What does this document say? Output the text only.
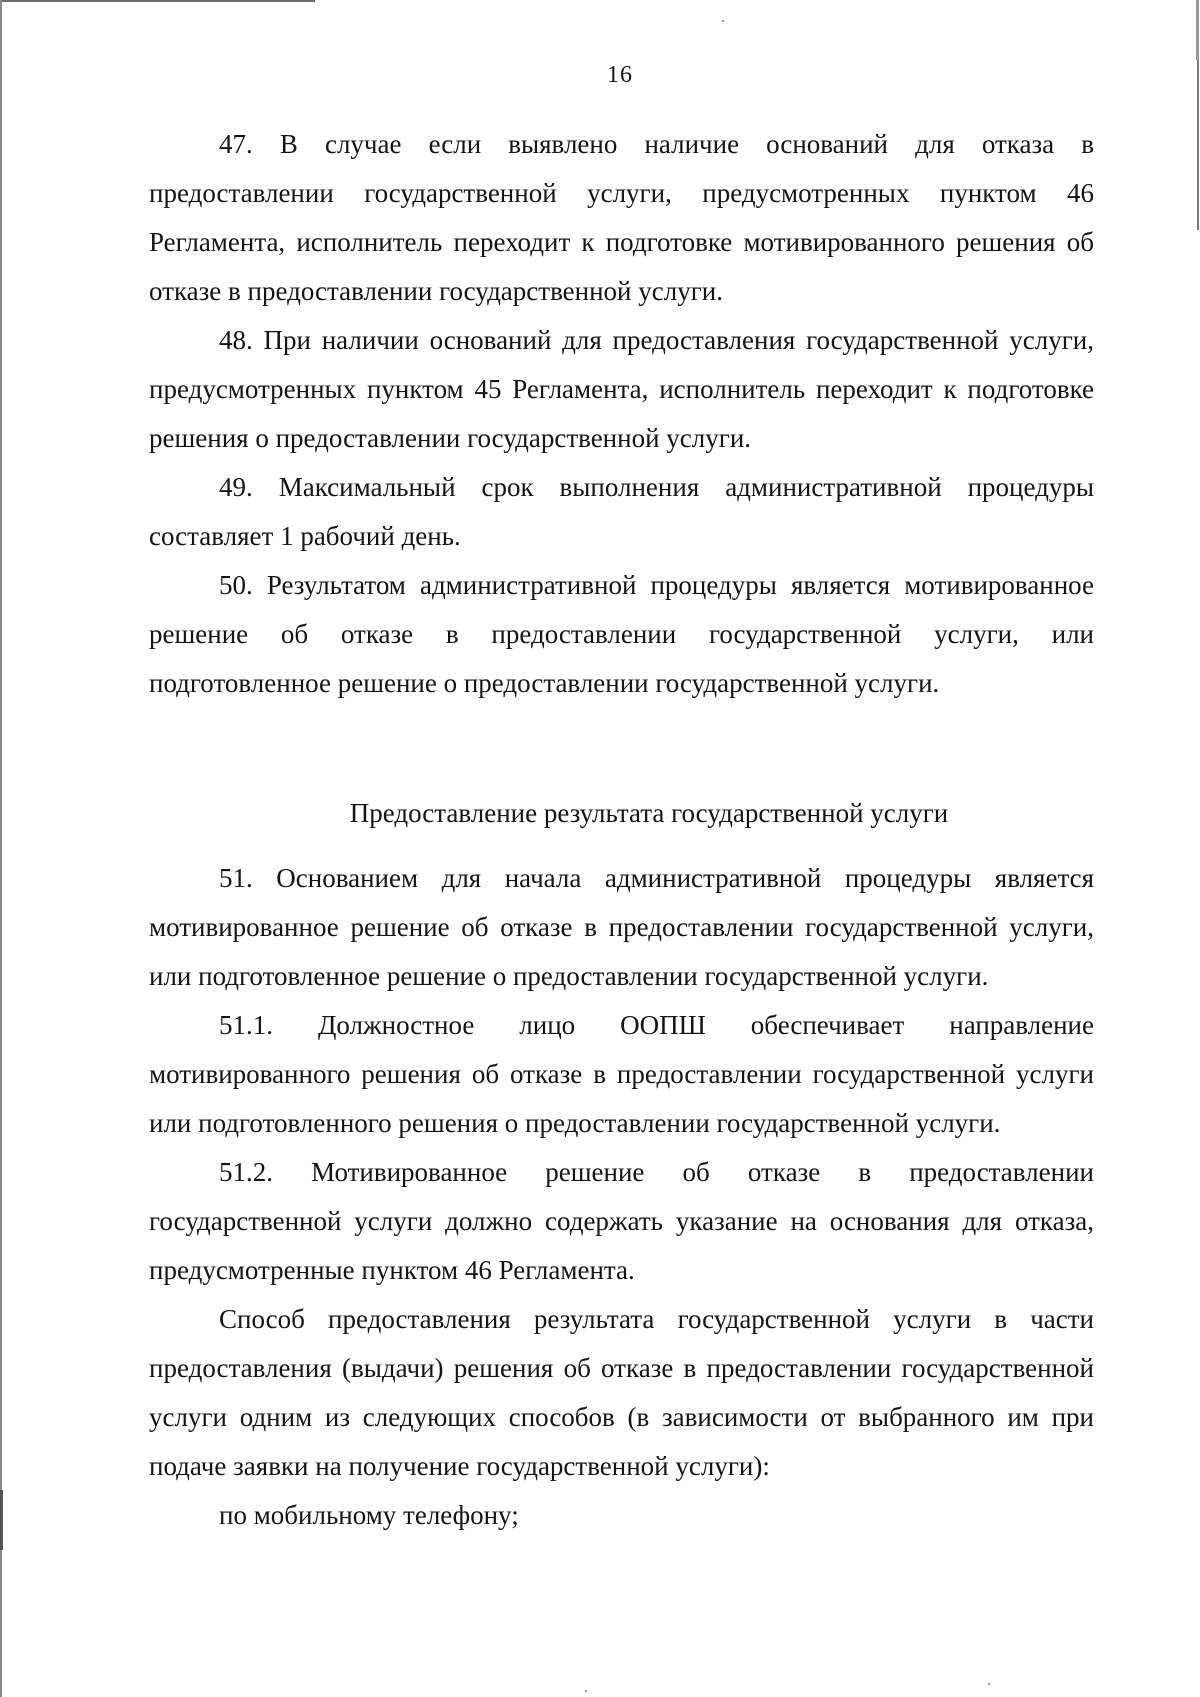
16

47. В случае если выявлено наличие оснований для отказа в предоставлении государственной услуги, предусмотренных пунктом 46 Регламента, исполнитель переходит к подготовке мотивированного решения об отказе в предоставлении государственной услуги.

48. При наличии оснований для предоставления государственной услуги, предусмотренных пунктом 45 Регламента, исполнитель переходит к подготовке решения о предоставлении государственной услуги.

49. Максимальный срок выполнения административной процедуры составляет 1 рабочий день.

50. Результатом административной процедуры является мотивированное решение об отказе в предоставлении государственной услуги, или подготовленное решение о предоставлении государственной услуги.

Предоставление результата государственной услуги

51. Основанием для начала административной процедуры является мотивированное решение об отказе в предоставлении государственной услуги, или подготовленное решение о предоставлении государственной услуги.

51.1. Должностное лицо ООПШ обеспечивает направление мотивированного решения об отказе в предоставлении государственной услуги или подготовленного решения о предоставлении государственной услуги.

51.2. Мотивированное решение об отказе в предоставлении государственной услуги должно содержать указание на основания для отказа, предусмотренные пунктом 46 Регламента.

Способ предоставления результата государственной услуги в части предоставления (выдачи) решения об отказе в предоставлении государственной услуги одним из следующих способов (в зависимости от выбранного им при подаче заявки на получение государственной услуги):

по мобильному телефону;
